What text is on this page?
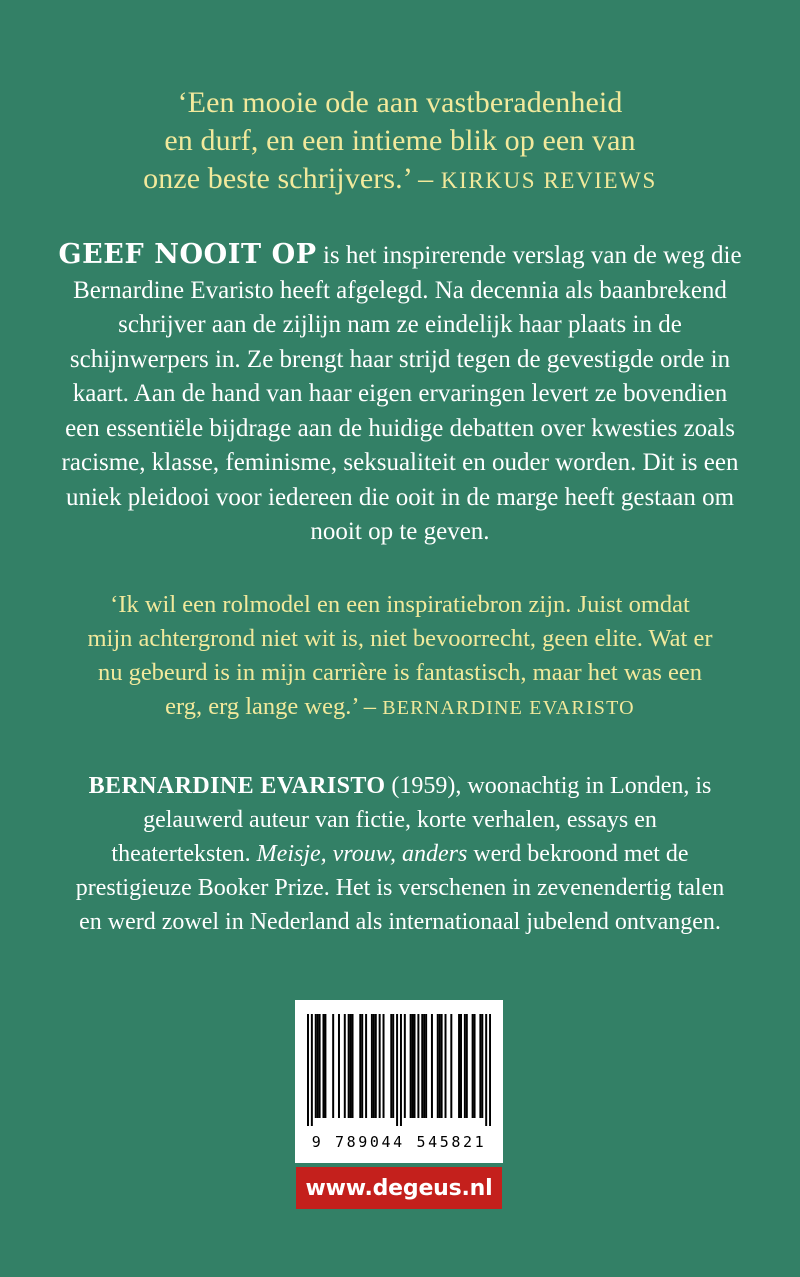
‘Een mooie ode aan vastberadenheid
en durf, en een intieme blik op een van
onze beste schrijvers.’ – KIRKUS REVIEWS
GEEF NOOIT OP is het inspirerende verslag van de weg die Bernardine Evaristo heeft afgelegd. Na decennia als baanbrekend schrijver aan de zijlijn nam ze eindelijk haar plaats in de schijnwerpers in. Ze brengt haar strijd tegen de gevestigde orde in kaart. Aan de hand van haar eigen ervaringen levert ze bovendien een essentiële bijdrage aan de huidige debatten over kwesties zoals racisme, klasse, feminisme, seksualiteit en ouder worden. Dit is een uniek pleidooi voor iedereen die ooit in de marge heeft gestaan om nooit op te geven.
‘Ik wil een rolmodel en een inspiratiebron zijn. Juist omdat mijn achtergrond niet wit is, niet bevoorrecht, geen elite. Wat er nu gebeurd is in mijn carrière is fantastisch, maar het was een erg, erg lange weg.’ – BERNARDINE EVARISTO
BERNARDINE EVARISTO (1959), woonachtig in Londen, is gelauwerd auteur van fictie, korte verhalen, essays en theaterteksten. Meisje, vrouw, anders werd bekroond met de prestigieuze Booker Prize. Het is verschenen in zevenendertig talen en werd zowel in Nederland als internationaal jubelend ontvangen.
9 789044 545821
www.degeus.nl
